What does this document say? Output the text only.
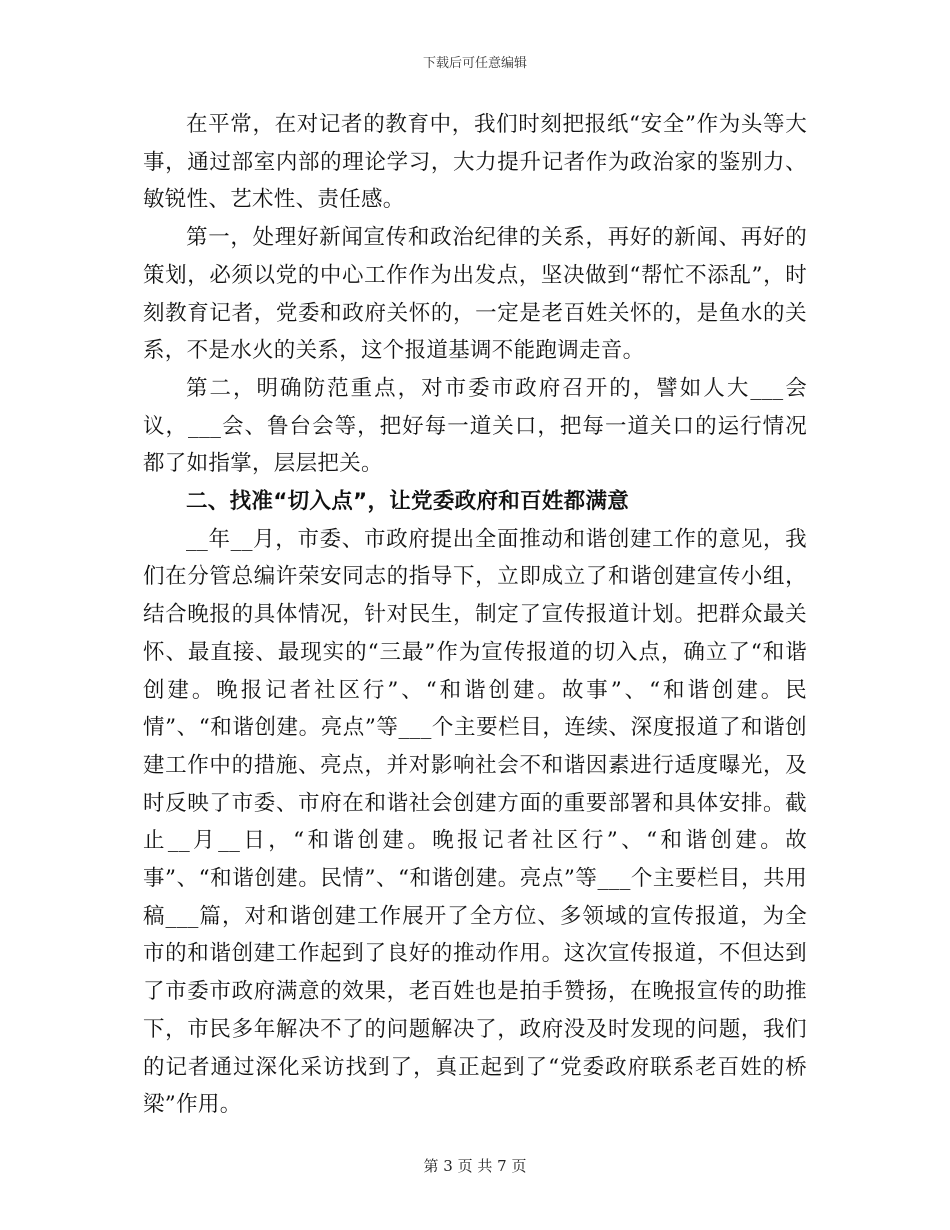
下载后可任意编辑

在平常，在对记者的教育中，我们时刻把报纸“安全”作为头等大事，通过部室内部的理论学习，大力提升记者作为政治家的鉴别力、敏锐性、艺术性、责任感。

第一，处理好新闻宣传和政治纪律的关系，再好的新闻、再好的策划，必须以党的中心工作作为出发点，坚决做到“帮忙不添乱”，时刻教育记者，党委和政府关怀的，一定是老百姓关怀的，是鱼水的关系，不是水火的关系，这个报道基调不能跑调走音。

第二，明确防范重点，对市委市政府召开的，譬如人大___会议，___会、鲁台会等，把好每一道关口，把每一道关口的运行情况都了如指掌，层层把关。

二、找准“切入点”，让党委政府和百姓都满意

__年__月，市委、市政府提出全面推动和谐创建工作的意见，我们在分管总编许荣安同志的指导下，立即成立了和谐创建宣传小组，结合晚报的具体情况，针对民生，制定了宣传报道计划。把群众最关怀、最直接、最现实的“三最”作为宣传报道的切入点，确立了“和谐创建。晚报记者社区行”、“和谐创建。故事”、“和谐创建。民情”、“和谐创建。亮点”等___个主要栏目，连续、深度报道了和谐创建工作中的措施、亮点，并对影响社会不和谐因素进行适度曝光，及时反映了市委、市府在和谐社会创建方面的重要部署和具体安排。截止__月__日，“和谐创建。晚报记者社区行”、“和谐创建。故事”、“和谐创建。民情”、“和谐创建。亮点”等___个主要栏目，共用稿___篇，对和谐创建工作展开了全方位、多领域的宣传报道，为全市的和谐创建工作起到了良好的推动作用。这次宣传报道，不但达到了市委市政府满意的效果，老百姓也是拍手赞扬，在晚报宣传的助推下，市民多年解决不了的问题解决了，政府没及时发现的问题，我们的记者通过深化采访找到了，真正起到了“党委政府联系老百姓的桥梁”作用。

第 3 页 共 7 页
